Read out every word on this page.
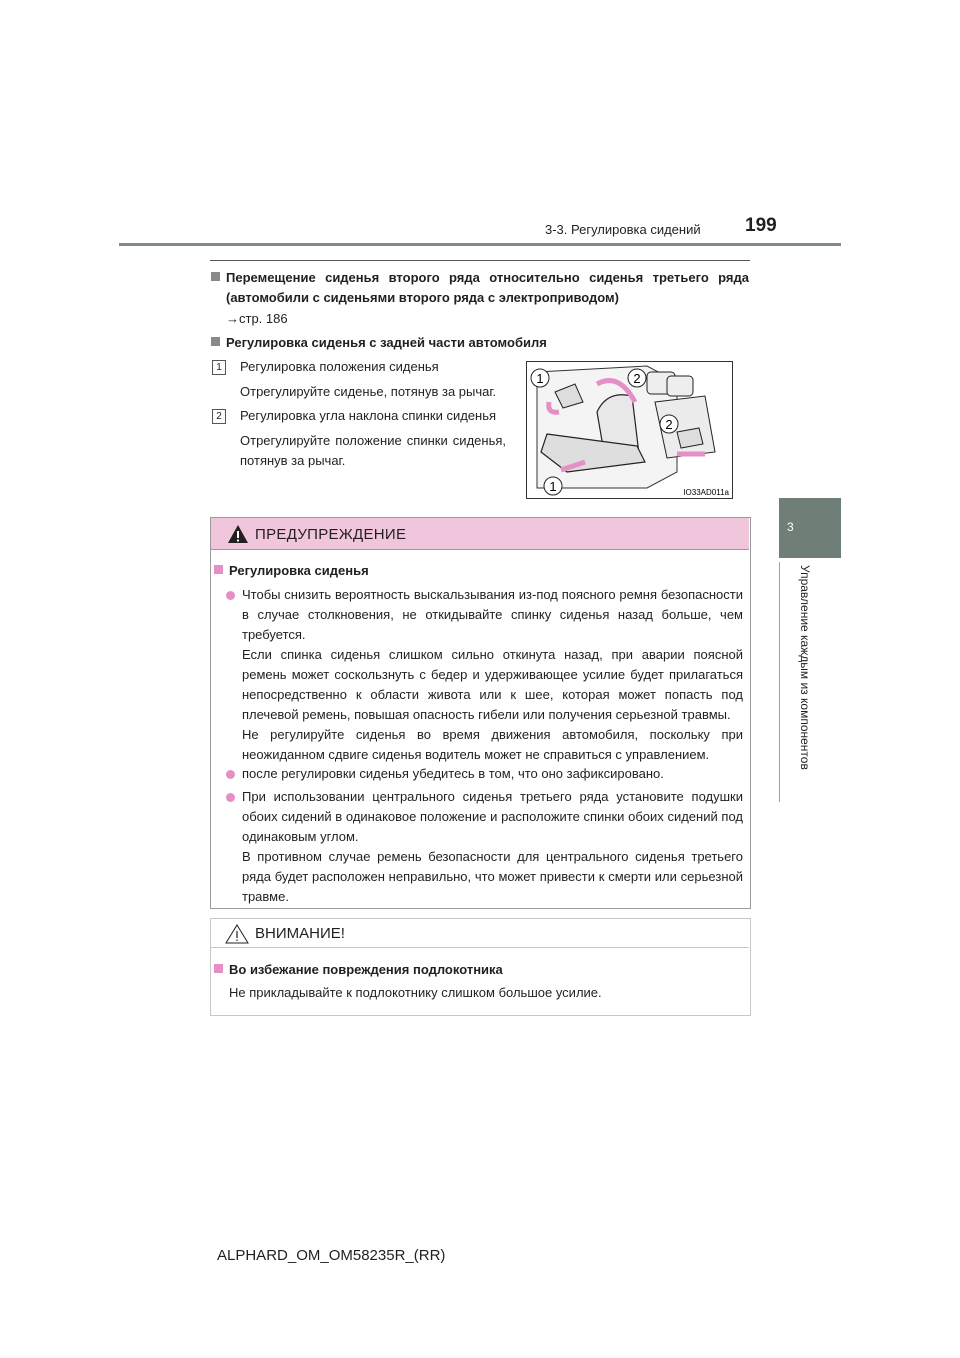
3-3. Регулировка сидений 199
3
Управление каждым из компонентов
Перемещение сиденья второго ряда относительно сиденья третьего ряда
(автомобили с сиденьями второго ряда с электроприводом)
→стр. 186
Регулировка сиденья с задней части автомобиля
1	Регулировка положения сиденья
Отрегулируйте сиденье, потянув за рычаг.
2	Регулировка угла наклона спинки сиденья
Отрегулируйте положение спинки сиденья, потянув за рычаг.
1	2
2
1	IO33AD011a
ПРЕДУПРЕЖДЕНИЕ
Регулировка сиденья
Чтобы снизить вероятность выскальзывания из-под поясного ремня безопасности в случае столкновения, не откидывайте спинку сиденья назад больше, чем требуется.
Если спинка сиденья слишком сильно откинута назад, при аварии поясной ремень может соскользнуть с бедер и удерживающее усилие будет прилагаться непосредственно к области живота или к шее, которая может попасть под плечевой ремень, повышая опасность гибели или получения серьезной травмы.
Не регулируйте сиденья во время движения автомобиля, поскольку при неожиданном сдвиге сиденья водитель может не справиться с управлением.
после регулировки сиденья убедитесь в том, что оно зафиксировано.
При использовании центрального сиденья третьего ряда установите подушки обоих сидений в одинаковое положение и расположите спинки обоих сидений под одинаковым углом.
В противном случае ремень безопасности для центрального сиденья третьего ряда будет расположен неправильно, что может привести к смерти или серьезной травме.
ВНИМАНИЕ!
Во избежание повреждения подлокотника
Не прикладывайте к подлокотнику слишком большое усилие.
ALPHARD_OM_OM58235R_(RR)
